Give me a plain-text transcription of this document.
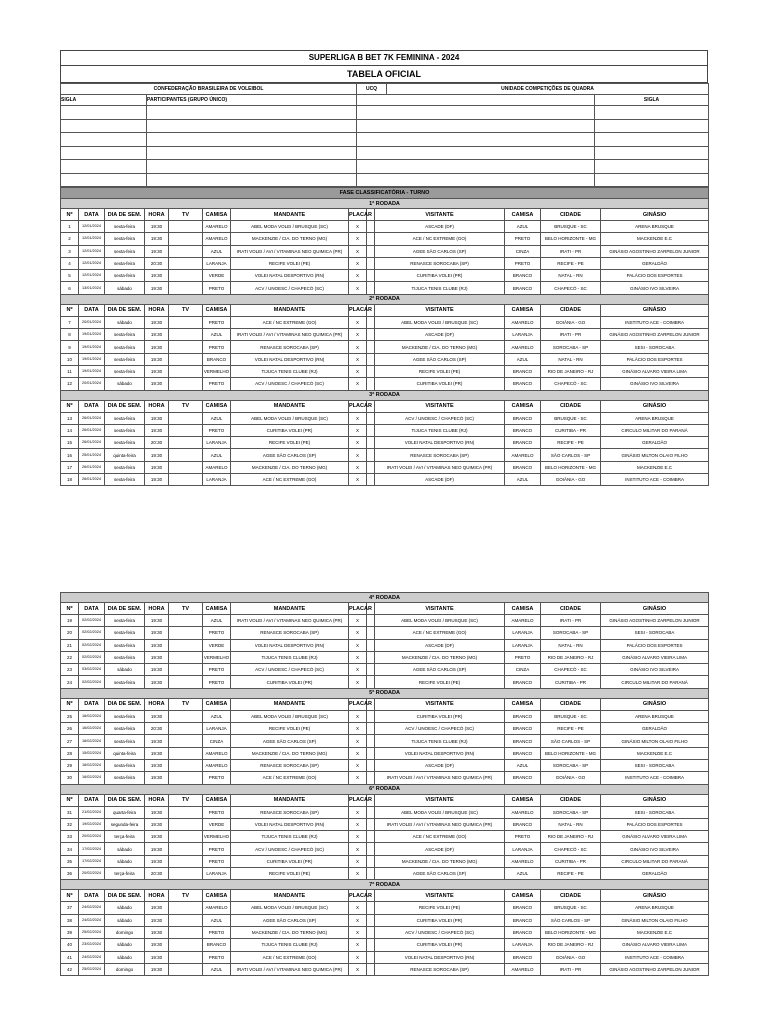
SUPERLIGA B BET 7K FEMININA - 2024
TABELA OFICIAL
CONFEDERAÇÃO BRASILEIRA DE VOLEIBOL		UCQ	UNIDADE COMPETIÇÕES DE QUADRA	
SIGLA	PARTICIPANTES (GRUPO ÚNICO)			SIGLA

FASE CLASSIFICATÓRIA - TURNO												
1ª RODADA												
Nº	DATA	DIA DE SEM.	HORA	TV	CAMISA	MANDANTE	PLACAR		VISITANTE	CAMISA	CIDADE	GINÁSIO
1	12/01/2024	sexta-feira	19:30		AMARELO	ABEL MODA VOLEI / BRUSQUE (SC)	X		ASCADE (DF)	AZUL	BRUSQUE - SC	ARENA BRUSQUE
2	12/01/2024	sexta-feira	19:30		AMARELO	MACKENZIE / CIA. DO TERNO (MG)	X		ACE / NC EXTREME (GO)	PRETO	BELO HORIZONTE - MG	MACKENZIE E.C
3	12/01/2024	sexta-feira	19:30		AZUL	IRATI VOLEI / AVI / VITAMINAS NEO QUIMICA (PR)	X		AGEE SÃO CARLOS (SP)	CINZA	IRATI - PR	GINÁSIO AGOSTINHO ZARPELON JUNIOR
4	12/01/2024	sexta-feira	20:30		LARANJA	RECIFE VOLEI (PE)	X		RENASCE SOROCABA (SP)	PRETO	RECIFE - PE	GERALDÃO
5	12/01/2024	sexta-feira	19:30		VERDE	VOLEI NATAL DESPORTIVO (RN)	X		CURITIBA VOLEI (PR)	BRANCO	NATAL - RN	PALÁCIO DOS ESPORTES
6	13/01/2024	sábado	19:30		PRETO	ACV / UNOESC / CHAPECÓ (SC)	X		TIJUCA TENIS CLUBE (RJ)	BRANCO	CHAPECÓ - SC	GINÁSIO IVO SILVEIRA
2ª RODADA												
Nº	DATA	DIA DE SEM.	HORA	TV	CAMISA	MANDANTE	PLACAR		VISITANTE	CAMISA	CIDADE	GINÁSIO
7	20/01/2024	sábado	19:30		PRETO	ACE / NC EXTREME (GO)	X		ABEL MODA VOLEI / BRUSQUE (SC)	AMARELO	GOIÂNIA - GO	INSTITUTO ACE - COIMBRA
8	19/01/2024	sexta-feira	19:30		AZUL	IRATI VOLEI / AVI / VITAMINAS NEO QUIMICA (PR)	X		ASCADE (DF)	LARANJA	IRATI - PR	GINÁSIO AGOSTINHO ZARPELON JUNIOR
9	19/01/2024	sexta-feira	19:30		PRETO	RENASCE SOROCABA (SP)	X		MACKENZIE / CIA. DO TERNO (MG)	AMARELO	SOROCABA - SP	SESI - SOROCABA
10	19/01/2024	sexta-feira	19:30		BRANCO	VOLEI NATAL DESPORTIVO (RN)	X		AGEE SÃO CARLOS (SP)	AZUL	NATAL - RN	PALÁCIO DOS ESPORTES
11	19/01/2024	sexta-feira	19:30		VERMELHO	TIJUCA TENIS CLUBE (RJ)	X		RECIFE VOLEI (PE)	BRANCO	RIO DE JANEIRO - RJ	GINÁSIO ALVARO VIEIRA LIMA
12	20/01/2024	sábado	19:30		PRETO	ACV / UNOESC / CHAPECÓ (SC)	X		CURITIBA VOLEI (PR)	BRANCO	CHAPECÓ - SC	GINÁSIO IVO SILVEIRA
3ª RODADA												
Nº	DATA	DIA DE SEM.	HORA	TV	CAMISA	MANDANTE	PLACAR		VISITANTE	CAMISA	CIDADE	GINÁSIO
13	26/01/2024	sexta-feira	19:30		AZUL	ABEL MODA VOLEI / BRUSQUE (SC)	X		ACV / UNOESC / CHAPECÓ (SC)	BRANCO	BRUSQUE - SC	ARENA BRUSQUE
14	26/01/2024	sexta-feira	19:30		PRETO	CURITIBA VOLEI (PR)	X		TIJUCA TENIS CLUBE (RJ)	BRANCO	CURITIBA - PR	CIRCULO MILITAR DO PARANÁ
15	26/01/2024	sexta-feira	20:30		LARANJA	RECIFE VOLEI (PE)	X		VOLEI NATAL DESPORTIVO (RN)	BRANCO	RECIFE - PE	GERALDÃO
16	25/01/2024	quinta-feira	19:30		AZUL	AGEE SÃO CARLOS (SP)	X		RENASCE SOROCABA (SP)	AMARELO	SÃO CARLOS - SP	GINÁSIO MILTON OLAIO FILHO
17	26/01/2024	sexta-feira	19:30		AMARELO	MACKENZIE / CIA. DO TERNO (MG)	X		IRATI VOLEI / AVI / VITAMINAS NEO QUIMICA (PR)	BRANCO	BELO HORIZONTE - MG	MACKENZIE E.C
18	26/01/2024	sexta-feira	19:30		LARANJA	ACE / NC EXTREME (GO)	X		ASCADE (DF)	AZUL	GOIÂNIA - GO	INSTITUTO ACE - COIMBRA
4ª RODADA												
Nº	DATA	DIA DE SEM.	HORA	TV	CAMISA	MANDANTE	PLACAR		VISITANTE	CAMISA	CIDADE	GINÁSIO
19	02/02/2024	sexta-feira	19:30		AZUL	IRATI VOLEI / AVI / VITAMINAS NEO QUIMICA (PR)	X		ABEL MODA VOLEI / BRUSQUE (SC)	AMARELO	IRATI - PR	GINÁSIO AGOSTINHO ZARPELON JUNIOR
20	02/02/2024	sexta-feira	19:30		PRETO	RENASCE SOROCABA (SP)	X		ACE / NC EXTREME (GO)	LARANJA	SOROCABA - SP	SESI - SOROCABA
21	02/02/2024	sexta-feira	19:30		VERDE	VOLEI NATAL DESPORTIVO (RN)	X		ASCADE (DF)	LARANJA	NATAL - RN	PALÁCIO DOS ESPORTES
22	02/02/2024	sexta-feira	19:30		VERMELHO	TIJUCA TENIS CLUBE (RJ)	X		MACKENZIE / CIA. DO TERNO (MG)	PRETO	RIO DE JANEIRO - RJ	GINÁSIO ALVARO VIEIRA LIMA
23	03/02/2024	sábado	19:30		PRETO	ACV / UNOESC / CHAPECÓ (SC)	X		AGEE SÃO CARLOS (SP)	CINZA	CHAPECÓ - SC	GINÁSIO IVO SILVEIRA
24	02/02/2024	sexta-feira	19:30		PRETO	CURITIBA VOLEI (PR)	X		RECIFE VOLEI (PE)	BRANCO	CURITIBA - PR	CIRCULO MILITAR DO PARANÁ
5ª RODADA												
Nº	DATA	DIA DE SEM.	HORA	TV	CAMISA	MANDANTE	PLACAR		VISITANTE	CAMISA	CIDADE	GINÁSIO
25	16/02/2024	sexta-feira	19:30		AZUL	ABEL MODA VOLEI / BRUSQUE (SC)	X		CURITIBA VOLEI (PR)	BRANCO	BRUSQUE - SC	ARENA BRUSQUE
26	16/02/2024	sexta-feira	20:30		LARANJA	RECIFE VOLEI (PE)	X		ACV / UNOESC / CHAPECÓ (SC)	BRANCO	RECIFE - PE	GERALDÃO
27	16/02/2024	sexta-feira	19:30		CINZA	AGEE SÃO CARLOS (SP)	X		TIJUCA TENIS CLUBE (RJ)	BRANCO	SÃO CARLOS - SP	GINÁSIO MILTON OLAIO FILHO
28	15/02/2024	quinta-feira	19:30		AMARELO	MACKENZIE / CIA. DO TERNO (MG)	X		VOLEI NATAL DESPORTIVO (RN)	BRANCO	BELO HORIZONTE - MG	MACKENZIE E.C
29	16/02/2024	sexta-feira	19:30		AMARELO	RENASCE SOROCABA (SP)	X		ASCADE (DF)	AZUL	SOROCABA - SP	SESI - SOROCABA
30	16/02/2024	sexta-feira	19:30		PRETO	ACE / NC EXTREME (GO)	X		IRATI VOLEI / AVI / VITAMINAS NEO QUIMICA (PR)	BRANCO	GOIÂNIA - GO	INSTITUTO ACE - COIMBRA
6ª RODADA												
Nº	DATA	DIA DE SEM.	HORA	TV	CAMISA	MANDANTE	PLACAR		VISITANTE	CAMISA	CIDADE	GINÁSIO
31	21/02/2024	quarta-feira	19:30		PRETO	RENASCE SOROCABA (SP)	X		ABEL MODA VOLEI / BRUSQUE (SC)	AMARELO	SOROCABA - SP	SESI - SOROCABA
32	19/02/2024	segunda-feira	19:30		VERDE	VOLEI NATAL DESPORTIVO (RN)	X		IRATI VOLEI / AVI / VITAMINAS NEO QUIMICA (PR)	BRANCO	NATAL - RN	PALÁCIO DOS ESPORTES
33	20/02/2024	terça-feira	19:30		VERMELHO	TIJUCA TENIS CLUBE (RJ)	X		ACE / NC EXTREME (GO)	PRETO	RIO DE JANEIRO - RJ	GINÁSIO ALVARO VIEIRA LIMA
34	17/02/2024	sábado	19:30		PRETO	ACV / UNOESC / CHAPECÓ (SC)	X		ASCADE (DF)	LARANJA	CHAPECÓ - SC	GINÁSIO IVO SILVEIRA
35	17/02/2024	sábado	19:30		PRETO	CURITIBA VOLEI (PR)	X		MACKENZIE / CIA. DO TERNO (MG)	AMARELO	CURITIBA - PR	CIRCULO MILITAR DO PARANÁ
36	20/02/2024	terça-feira	20:30		LARANJA	RECIFE VOLEI (PE)	X		AGEE SÃO CARLOS (SP)	AZUL	RECIFE - PE	GERALDÃO
7ª RODADA												
Nº	DATA	DIA DE SEM.	HORA	TV	CAMISA	MANDANTE	PLACAR		VISITANTE	CAMISA	CIDADE	GINÁSIO
37	24/02/2024	sábado	19:30		AMARELO	ABEL MODA VOLEI / BRUSQUE (SC)	X		RECIFE VOLEI (PE)	BRANCO	BRUSQUE - SC	ARENA BRUSQUE
38	24/02/2024	sábado	19:30		AZUL	AGEE SÃO CARLOS (SP)	X		CURITIBA VOLEI (PR)	BRANCO	SÃO CARLOS - SP	GINÁSIO MILTON OLAIO FILHO
39	25/02/2024	domingo	19:30		PRETO	MACKENZIE / CIA. DO TERNO (MG)	X		ACV / UNOESC / CHAPECÓ (SC)	BRANCO	BELO HORIZONTE - MG	MACKENZIE E.C
40	23/02/2024	sábado	19:30		BRANCO	TIJUCA TENIS CLUBE (RJ)	X		CURITIBA VOLEI (PR)	LARANJA	RIO DE JANEIRO - RJ	GINÁSIO ALVARO VIEIRA LIMA
41	24/02/2024	sábado	19:30		PRETO	ACE / NC EXTREME (GO)	X		VOLEI NATAL DESPORTIVO (RN)	BRANCO	GOIÂNIA - GO	INSTITUTO ACE - COIMBRA
42	25/02/2024	domingo	19:30		AZUL	IRATI VOLEI / AVI / VITAMINAS NEO QUIMICA (PR)	X		RENASCE SOROCABA (SP)	AMARELO	IRATI - PR	GINÁSIO AGOSTINHO ZARPELON JUNIOR
